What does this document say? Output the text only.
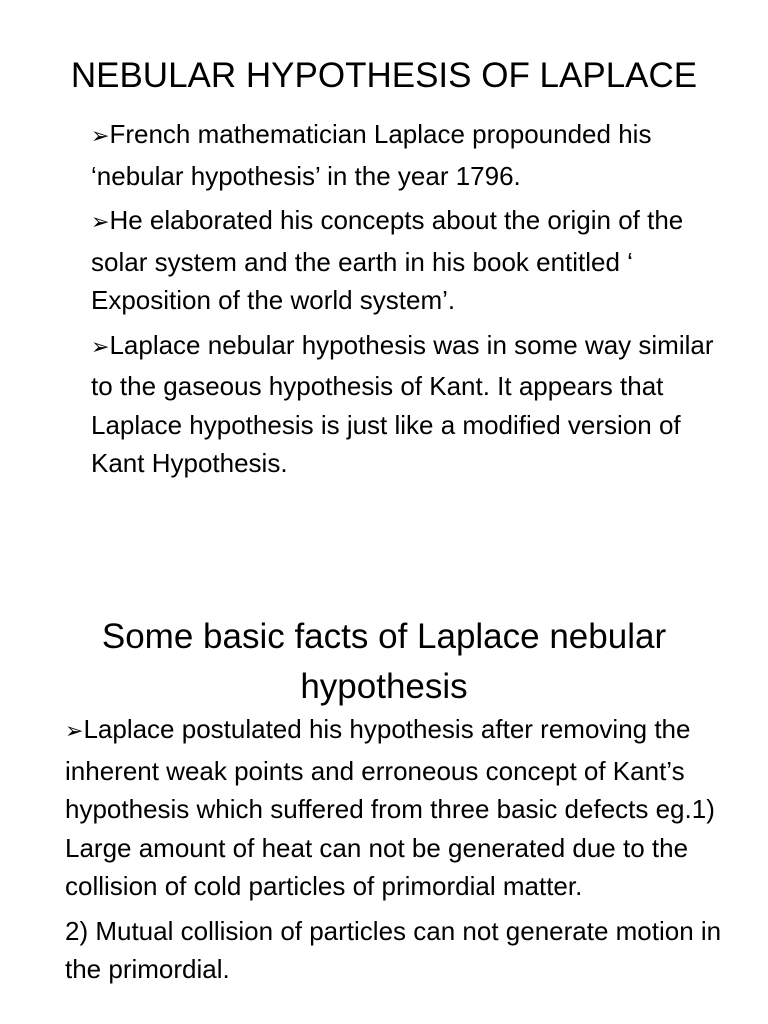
NEBULAR HYPOTHESIS OF LAPLACE
➢French mathematician Laplace propounded his ‘nebular hypothesis’ in the year 1796.
➢He elaborated his concepts about the origin of the solar system and the earth in his book entitled ‘ Exposition of the world system’.
➢Laplace nebular hypothesis was in some way similar to the gaseous hypothesis of Kant. It appears that Laplace hypothesis is just like a modified version of Kant Hypothesis.
Some basic facts of Laplace nebular hypothesis
➢Laplace postulated his hypothesis after removing the inherent weak points and erroneous concept of Kant’s hypothesis which suffered from three basic defects eg.1) Large amount of heat can not be generated due to the collision of cold particles of primordial matter.
2) Mutual collision of particles can not generate motion in the primordial.
